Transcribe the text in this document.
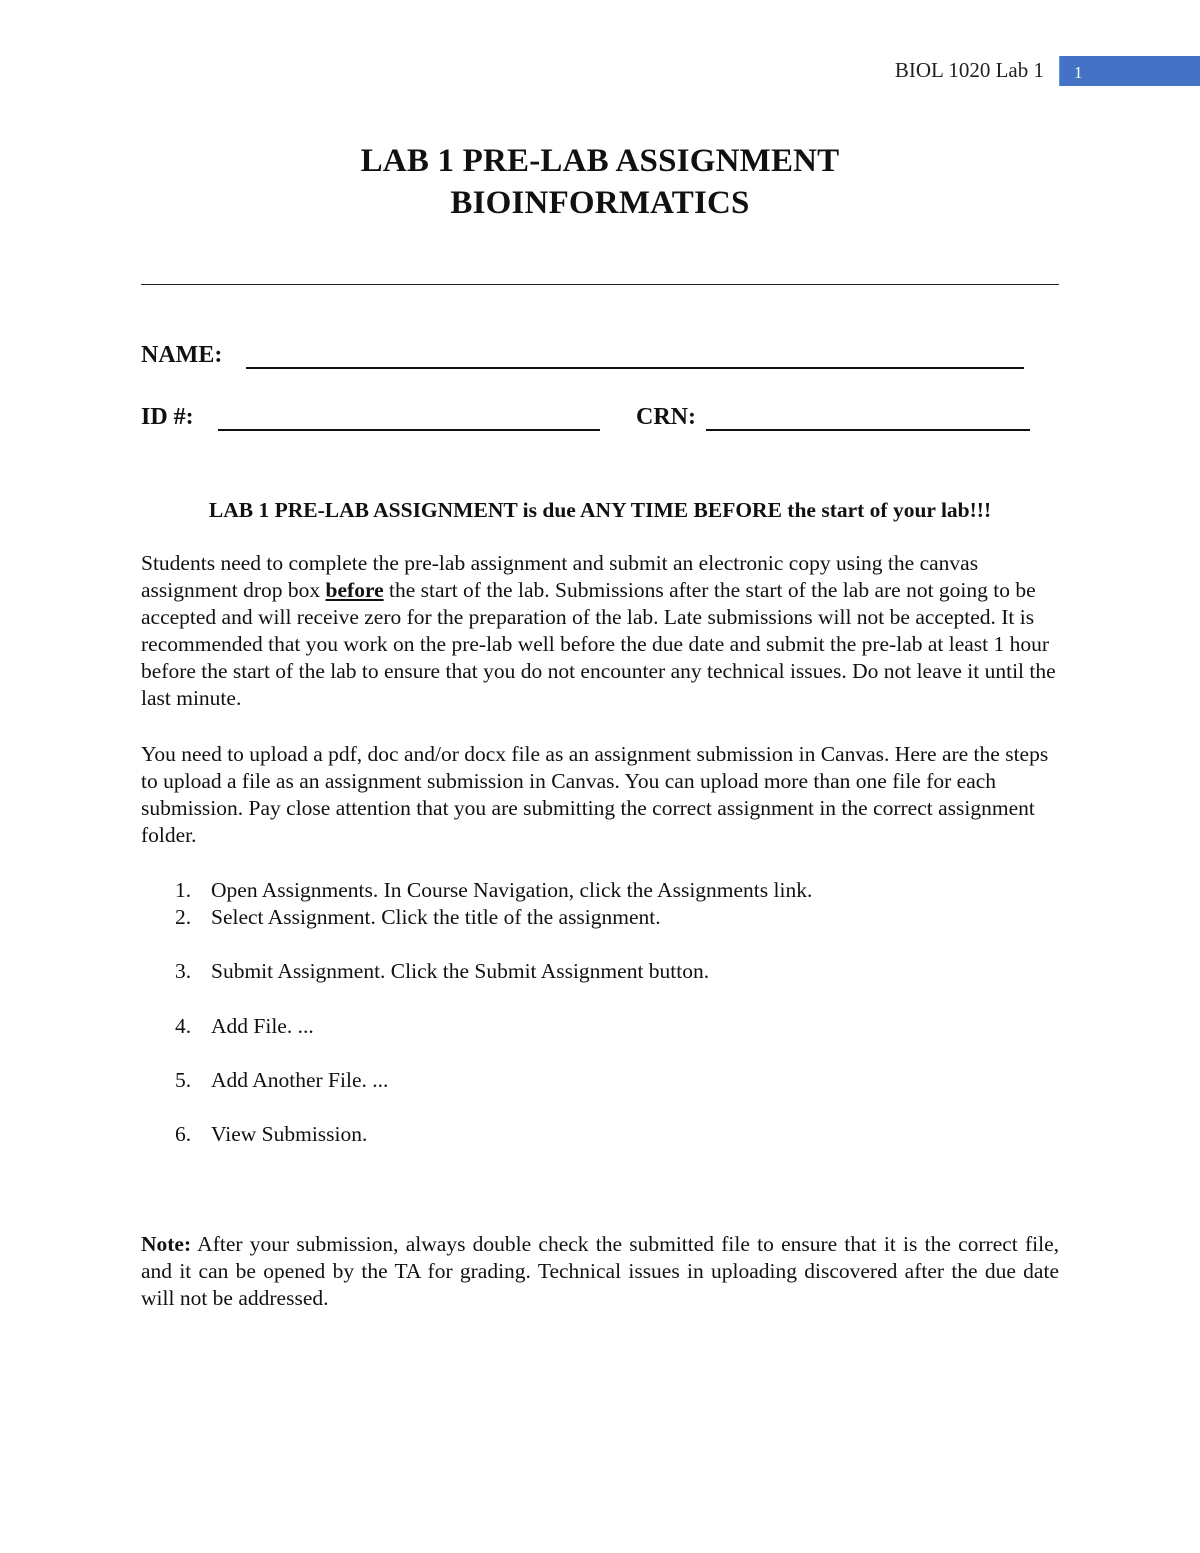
BIOL 1020 Lab 1	1
LAB 1 PRE-LAB ASSIGNMENT
BIOINFORMATICS
NAME:
ID #:	CRN:
LAB 1 PRE-LAB ASSIGNMENT is due ANY TIME BEFORE the start of your lab!!!

Students need to complete the pre-lab assignment and submit an electronic copy using the canvas assignment drop box before the start of the lab. Submissions after the start of the lab are not going to be accepted and will receive zero for the preparation of the lab. Late submissions will not be accepted. It is recommended that you work on the pre-lab well before the due date and submit the pre-lab at least 1 hour before the start of the lab to ensure that you do not encounter any technical issues. Do not leave it until the last minute.

You need to upload a pdf, doc and/or docx file as an assignment submission in Canvas. Here are the steps to upload a file as an assignment submission in Canvas. You can upload more than one file for each submission. Pay close attention that you are submitting the correct assignment in the correct assignment folder.

1. Open Assignments. In Course Navigation, click the Assignments link.
2. Select Assignment. Click the title of the assignment.
3. Submit Assignment. Click the Submit Assignment button.
4. Add File. ...
5. Add Another File. ...
6. View Submission.

Note: After your submission, always double check the submitted file to ensure that it is the correct file, and it can be opened by the TA for grading. Technical issues in uploading discovered after the due date will not be addressed.
